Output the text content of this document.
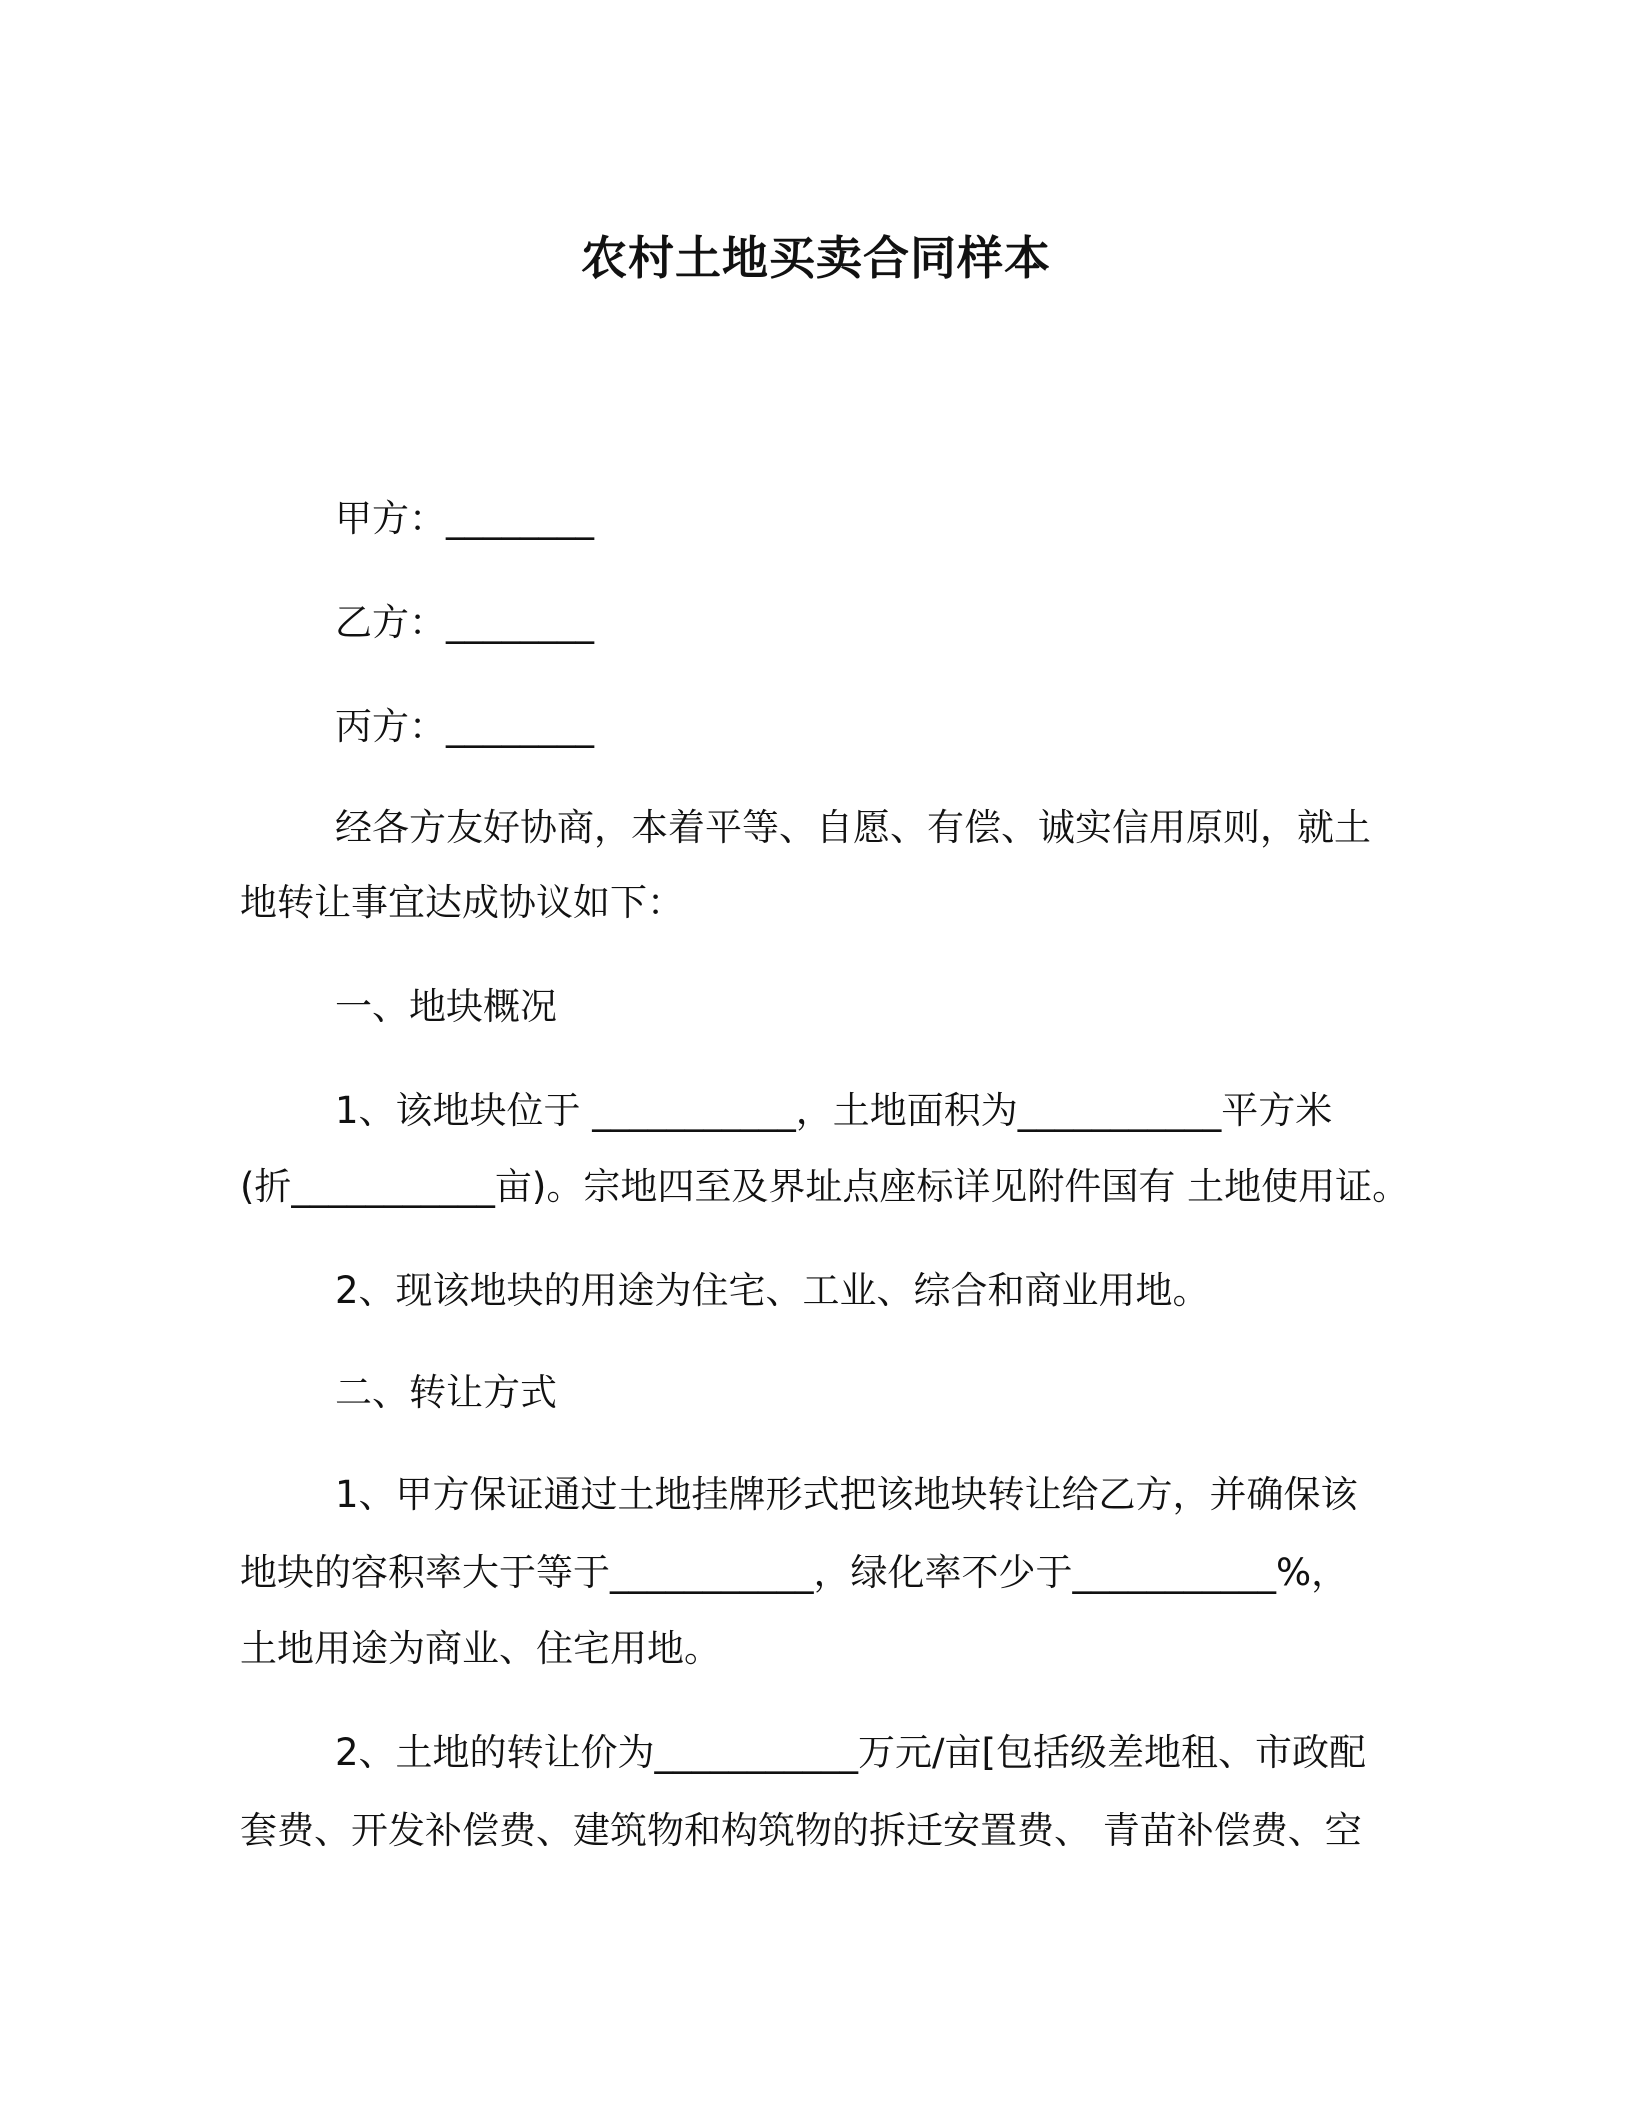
农村土地买卖合同样本
甲方：________
乙方：________
丙方：________
经各方友好协商，本着平等、自愿、有偿、诚实信用原则，就土
地转让事宜达成协议如下：
一、地块概况
1、该地块位于 ___________，土地面积为___________平方米
(折___________亩)。宗地四至及界址点座标详见附件国有 土地使用证。
2、现该地块的用途为住宅、工业、综合和商业用地。
二、转让方式
1、甲方保证通过土地挂牌形式把该地块转让给乙方，并确保该
地块的容积率大于等于___________，绿化率不少于___________%，
土地用途为商业、住宅用地。
2、土地的转让价为___________万元/亩[包括级差地租、市政配
套费、开发补偿费、建筑物和构筑物的拆迁安置费、 青苗补偿费、空
